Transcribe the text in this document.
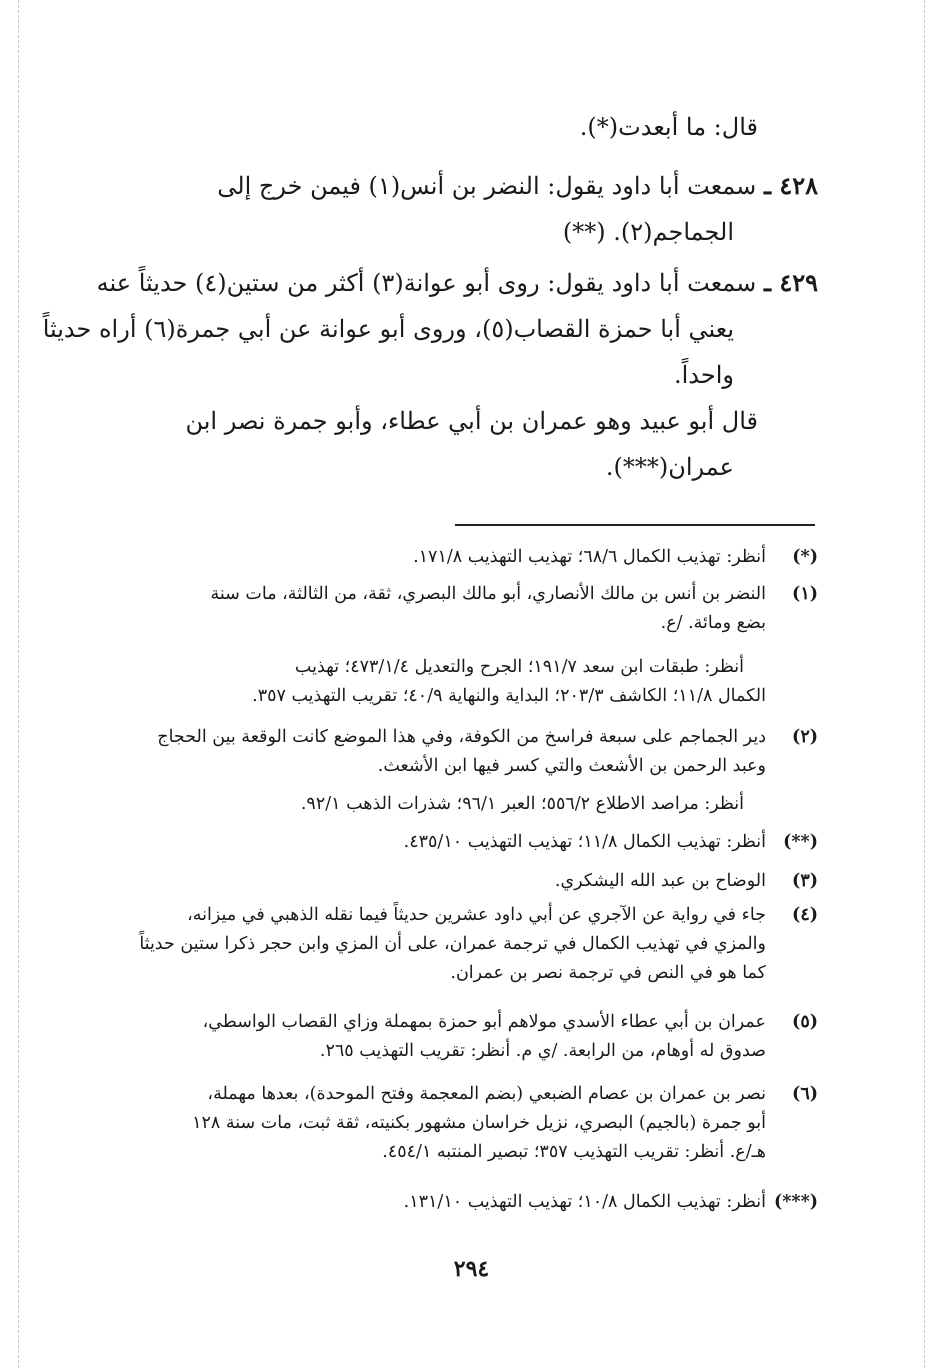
قال: ما أبعدت(*).
٤٢٨ ـ سمعت أبا داود يقول: النضر بن أنس(١) فيمن خرج إلى
الجماجم(٢). (**)
٤٢٩ ـ سمعت أبا داود يقول: روى أبو عوانة(٣) أكثر من ستين(٤) حديثاً عنه
يعني أبا حمزة القصاب(٥)، وروى أبو عوانة عن أبي جمرة(٦) أراه حديثاً
واحداً.
قال أبو عبيد وهو عمران بن أبي عطاء، وأبو جمرة نصر ابن
عمران(***).
(*)
أنظر: تهذيب الكمال ٦٨/٦؛ تهذيب التهذيب ١٧١/٨.
(١)
النضر بن أنس بن مالك الأنصاري، أبو مالك البصري، ثقة، من الثالثة، مات سنة
بضع ومائة. /ع.
أنظر: طبقات ابن سعد ١٩١/٧؛ الجرح والتعديل ٤٧٣/١/٤؛ تهذيب
الكمال ١١/٨؛ الكاشف ٢٠٣/٣؛ البداية والنهاية ٤٠/٩؛ تقريب التهذيب ٣٥٧.
(٢)
دير الجماجم على سبعة فراسخ من الكوفة، وفي هذا الموضع كانت الوقعة بين الحجاج
وعبد الرحمن بن الأشعث والتي كسر فيها ابن الأشعث.
أنظر: مراصد الاطلاع ٥٥٦/٢؛ العبر ٩٦/١؛ شذرات الذهب ٩٢/١.
(**)
أنظر: تهذيب الكمال ١١/٨؛ تهذيب التهذيب ٤٣٥/١٠.
(٣)
الوضاح بن عبد الله اليشكري.
(٤)
جاء في رواية عن الآجري عن أبي داود عشرين حديثاً فيما نقله الذهبي في ميزانه،
والمزي في تهذيب الكمال في ترجمة عمران، على أن المزي وابن حجر ذكرا ستين حديثاً
كما هو في النص في ترجمة نصر بن عمران.
(٥)
عمران بن أبي عطاء الأسدي مولاهم أبو حمزة بمهملة وزاي القصاب الواسطي،
صدوق له أوهام، من الرابعة. /ي م. أنظر: تقريب التهذيب ٢٦٥.
(٦)
نصر بن عمران بن عصام الضبعي (بضم المعجمة وفتح الموحدة)، بعدها مهملة،
أبو جمرة (بالجيم) البصري، نزيل خراسان مشهور بكنيته، ثقة ثبت، مات سنة ١٢٨
هـ/ع. أنظر: تقريب التهذيب ٣٥٧؛ تبصير المنتبه ٤٥٤/١.
(***)
أنظر: تهذيب الكمال ١٠/٨؛ تهذيب التهذيب ١٣١/١٠.
٢٩٤
